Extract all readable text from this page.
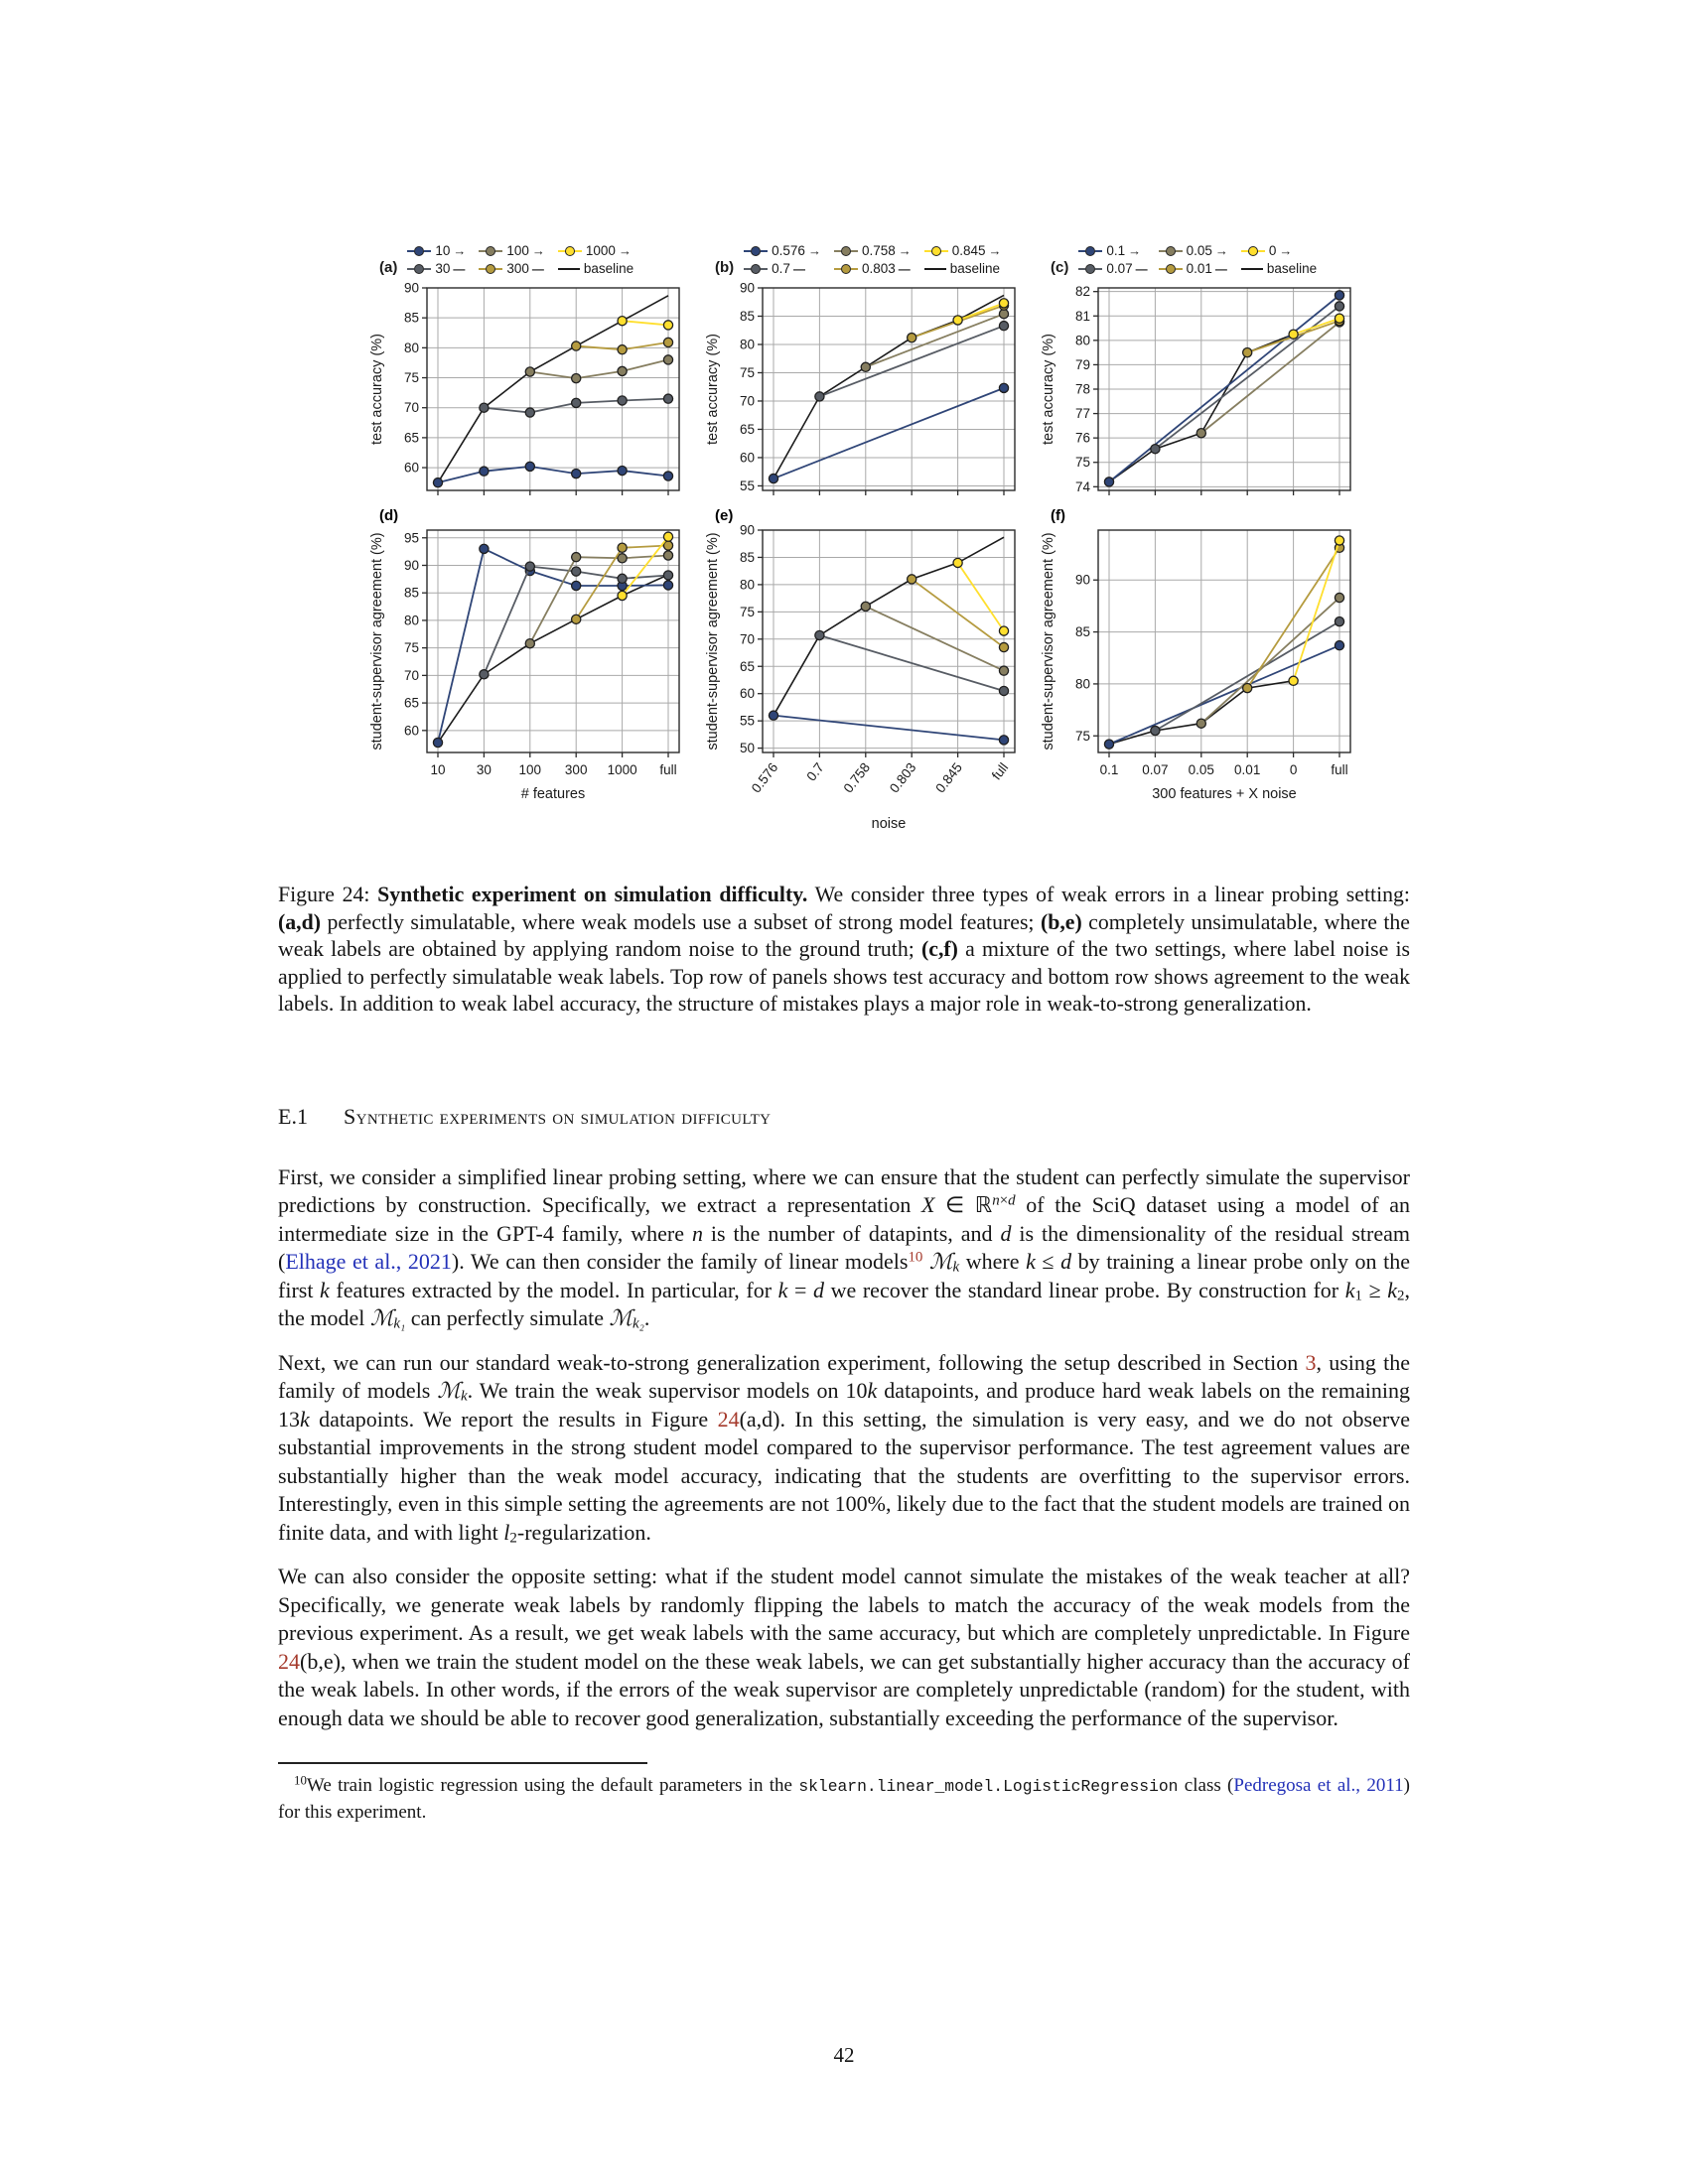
(a)
10 →
30 —
100 →
300 —
1000 →
baseline	(b)
0.576 →
0.7 —
0.758 →
0.803 —
0.845 →
baseline	(c)
0.1 →
0.07 —
0.05 →
0.01 —
0 →
baseline
60
65
70
75
80
85
90
test accuracy (%)
55
60
65
70
75
80
85
90
test accuracy (%)
74
75
76
77
78
79
80
81
82
test accuracy (%)
60
65
70
75
80
85
90
95
10 30 100 300 1000 full
# features
student-supervisor agreement (%)
(d)
50
55
60
65
70
75
80
85
90
0.576 0.7 0.758 0.803 0.845 full
noise
student-supervisor agreement (%)
(e)
75
80
85
90
0.1 0.07 0.05 0.01 0	full
300 features + X noise
student-supervisor agreement (%)
(f)

Figure 24: Synthetic experiment on simulation difficulty. We consider three types of weak errors in a linear probing setting: (a,d) perfectly simulatable, where weak models use a subset of strong model features; (b,e) completely unsimulatable, where the weak labels are obtained by applying random noise to the ground truth; (c,f) a mixture of the two settings, where label noise is applied to perfectly simulatable weak labels. Top row of panels shows test accuracy and bottom row shows agreement to the weak labels. In addition to weak label accuracy, the structure of mistakes plays a major role in weak-to-strong generalization.

E.1 Synthetic experiments on simulation difficulty

First, we consider a simplified linear probing setting, where we can ensure that the student can perfectly simulate the supervisor predictions by construction. Specifically, we extract a representation X ∈ ℝ$^{n\times d}$ of the SciQ dataset using a model of an intermediate size in the GPT-4 family, where n is the number of datapints, and d is the dimensionality of the residual stream (Elhage et al., 2021). We can then consider the family of linear models$^{10}$ ℳk where k ≤ d by training a linear probe only on the first k features extracted by the model. In particular, for k = d we recover the standard linear probe. By construction for k1 ≥ k2, the model ℳk₁ can perfectly simulate ℳk₂.

Next, we can run our standard weak-to-strong generalization experiment, following the setup described in Section 3, using the family of models ℳk. We train the weak supervisor models on 10k datapoints, and produce hard weak labels on the remaining 13k datapoints. We report the results in Figure 24(a,d). In this setting, the simulation is very easy, and we do not observe substantial improvements in the strong student model compared to the supervisor performance. The test agreement values are substantially higher than the weak model accuracy, indicating that the students are overfitting to the supervisor errors. Interestingly, even in this simple setting the agreements are not 100%, likely due to the fact that the student models are trained on finite data, and with light l2-regularization.

We can also consider the opposite setting: what if the student model cannot simulate the mistakes of the weak teacher at all? Specifically, we generate weak labels by randomly flipping the labels to match the accuracy of the weak models from the previous experiment. As a result, we get weak labels with the same accuracy, but which are completely unpredictable. In Figure 24(b,e), when we train the student model on the these weak labels, we can get substantially higher accuracy than the accuracy of the weak labels. In other words, if the errors of the weak supervisor are completely unpredictable (random) for the student, with enough data we should be able to recover good generalization, substantially exceeding the performance of the supervisor.

$^{10}$We train logistic regression using the default parameters in the sklearn.linear_model.LogisticRegression class (Pedregosa et al., 2011) for this experiment.

42
